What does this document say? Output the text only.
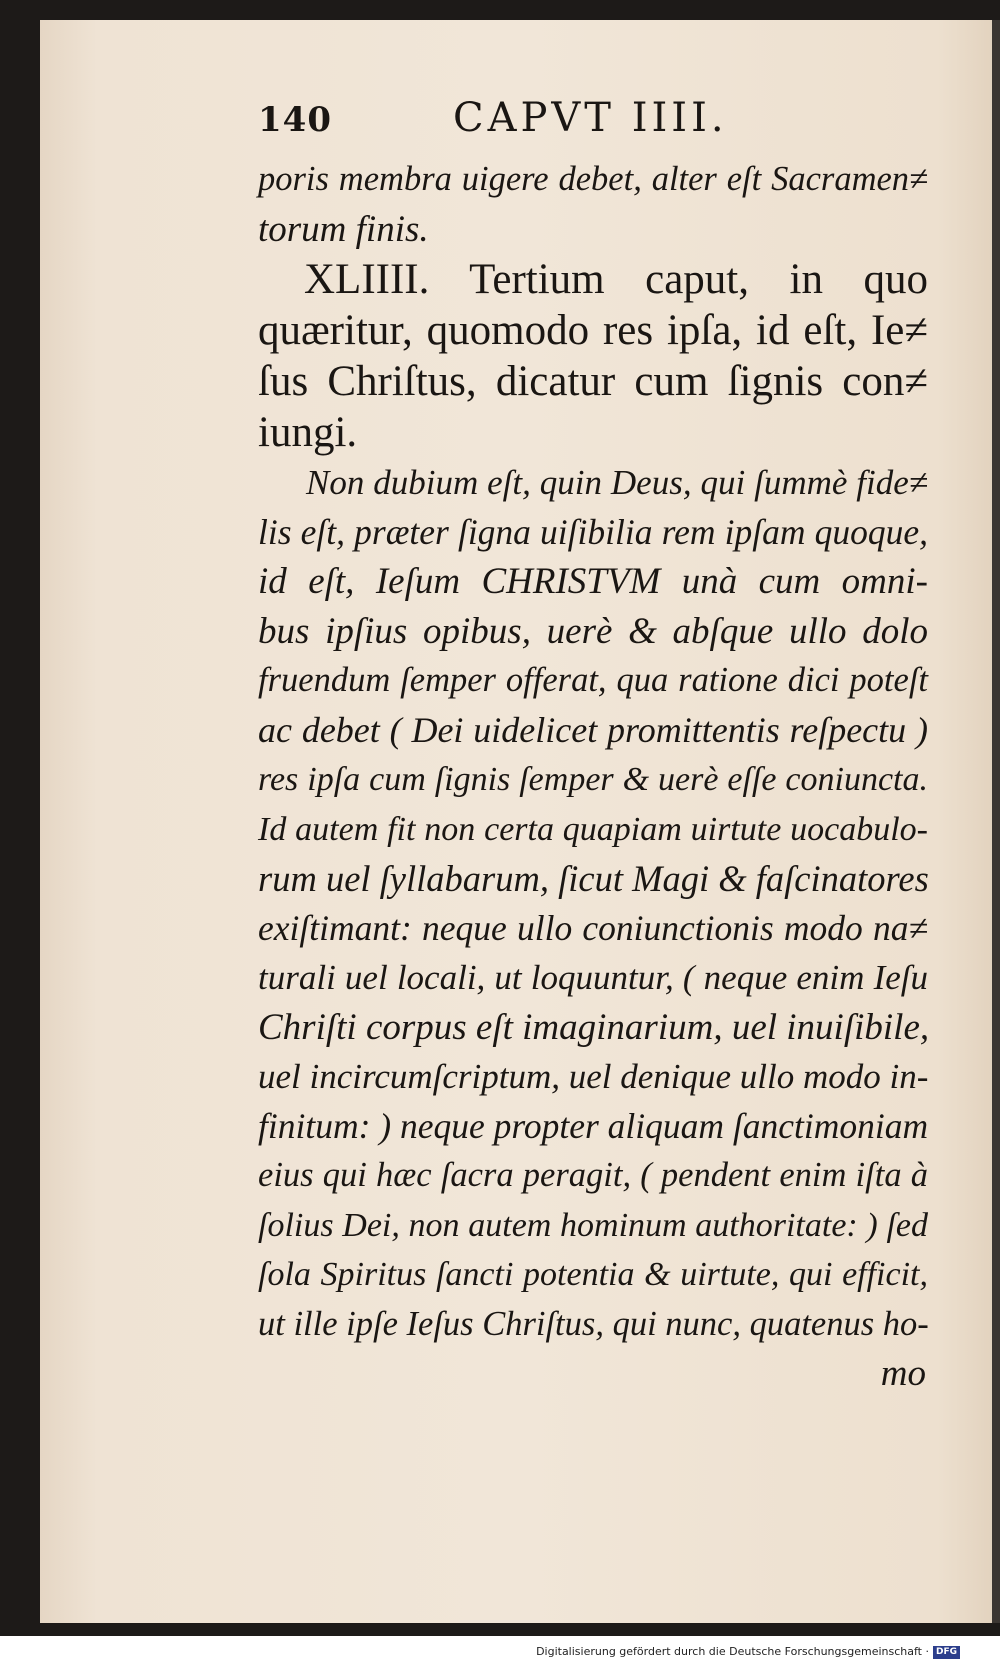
140	CAPVT IIII.
poris membra uigere debet, alter eſt Sacramen≠
torum finis.
XLIIII. Tertium caput, in quo
quæritur, quomodo res ipſa, id eſt, Ie≠
ſus Chriſtus, dicatur cum ſignis con≠
iungi.
Non dubium eſt, quin Deus, qui ſummè fide≠
lis eſt, præter ſigna uiſibilia rem ipſam quoque,
id eſt, Ieſum CHRISTVM unà cum omni-
bus ipſius opibus, uerè & abſque ullo dolo
fruendum ſemper offerat, qua ratione dici poteſt
ac debet ( Dei uidelicet promittentis reſpectu )
res ipſa cum ſignis ſemper & uerè eſſe coniuncta.
Id autem fit non certa quapiam uirtute uocabulo-
rum uel ſyllabarum, ſicut Magi & faſcinatores
exiſtimant: neque ullo coniunctionis modo na≠
turali uel locali, ut loquuntur, ( neque enim Ieſu
Chriſti corpus eſt imaginarium, uel inuiſibile,
uel incircumſcriptum, uel denique ullo modo in-
finitum: ) neque propter aliquam ſanctimoniam
eius qui hæc ſacra peragit, ( pendent enim iſta à
ſolius Dei, non autem hominum authoritate: ) ſed
ſola Spiritus ſancti potentia & uirtute, qui efficit,
ut ille ipſe Ieſus Chriſtus, qui nunc, quatenus ho-
mo
Digitalisierung gefördert durch die Deutsche Forschungsgemeinschaft · DFG
